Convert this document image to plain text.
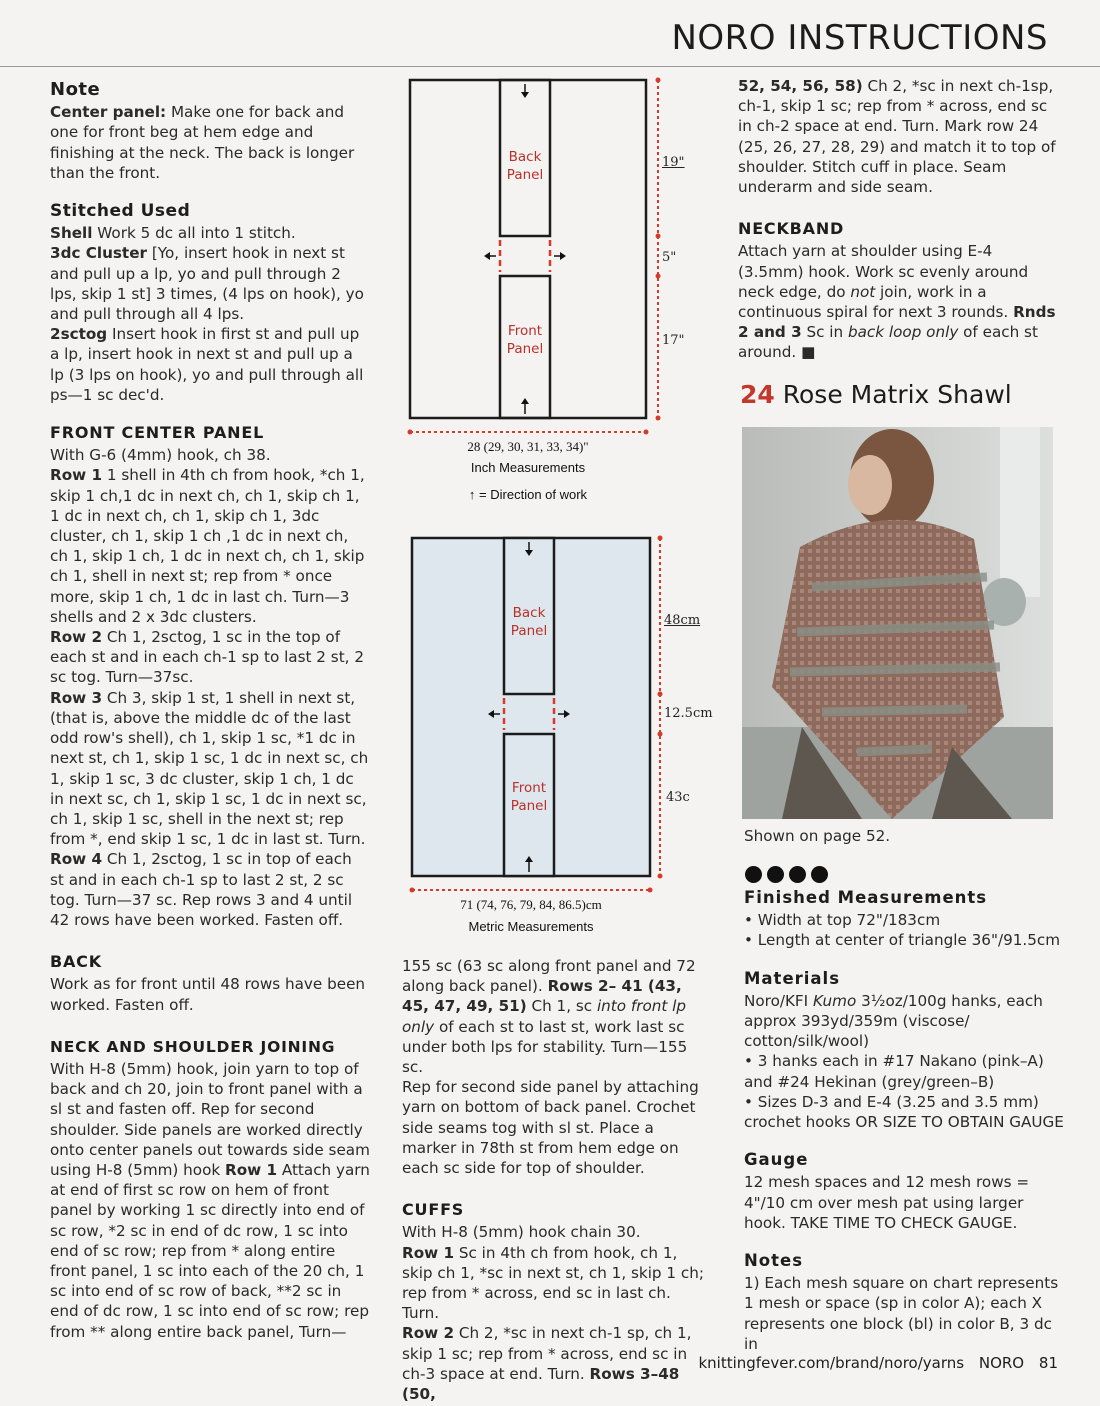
NORO INSTRUCTIONS
Note

Center panel: Make one for back and one for front beg at hem edge and finishing at the neck. The back is longer than the front.

Stitched Used

Shell Work 5 dc all into 1 stitch.

3dc Cluster [Yo, insert hook in next st and pull up a lp, yo and pull through 2 lps, skip 1 st] 3 times, (4 lps on hook), yo and pull through all 4 lps.

2sctog Insert hook in first st and pull up a lp, insert hook in next st and pull up a lp (3 lps on hook), yo and pull through all ps—1 sc dec'd.

FRONT CENTER PANEL

With G-6 (4mm) hook, ch 38.

Row 1 1 shell in 4th ch from hook, *ch 1, skip 1 ch,1 dc in next ch, ch 1, skip ch 1, 1 dc in next ch, ch 1, skip ch 1, 3dc cluster, ch 1, skip 1 ch ,1 dc in next ch, ch 1, skip 1 ch, 1 dc in next ch, ch 1, skip ch 1, shell in next st; rep from * once more, skip 1 ch, 1 dc in last ch. Turn—3 shells and 2 x 3dc clusters.

Row 2 Ch 1, 2sctog, 1 sc in the top of each st and in each ch-1 sp to last 2 st, 2 sc tog. Turn—37sc.

Row 3 Ch 3, skip 1 st, 1 shell in next st, (that is, above the middle dc of the last odd row's shell), ch 1, skip 1 sc, *1 dc in next st, ch 1, skip 1 sc, 1 dc in next sc, ch 1, skip 1 sc, 3 dc cluster, skip 1 ch, 1 dc in next sc, ch 1, skip 1 sc, 1 dc in next sc, ch 1, skip 1 sc, shell in the next st; rep from *, end skip 1 sc, 1 dc in last st. Turn.

Row 4 Ch 1, 2sctog, 1 sc in top of each st and in each ch-1 sp to last 2 st, 2 sc tog. Turn—37 sc. Rep rows 3 and 4 until 42 rows have been worked. Fasten off.

BACK

Work as for front until 48 rows have been worked. Fasten off.

NECK AND SHOULDER JOINING

With H-8 (5mm) hook, join yarn to top of back and ch 20, join to front panel with a sl st and fasten off. Rep for second shoulder. Side panels are worked directly onto center panels out towards side seam using H-8 (5mm) hook Row 1 Attach yarn at end of first sc row on hem of front panel by working 1 sc directly into end of sc row, *2 sc in end of dc row, 1 sc into end of sc row; rep from * along entire front panel, 1 sc into each of the 20 ch, 1 sc into end of sc row of back, **2 sc in end of dc row, 1 sc into end of sc row; rep from ** along entire back panel, Turn—

Back Panel
Front Panel
19"
5"
17"
28 (29, 30, 31, 33, 34)"
Inch Measurements
↑ = Direction of work
Back Panel
Front Panel
48cm
12.5cm
43c
71 (74, 76, 79, 84, 86.5)cm
Metric Measurements

155 sc (63 sc along front panel and 72 along back panel). Rows 2– 41 (43, 45, 47, 49, 51) Ch 1, sc into front lp only of each st to last st, work last sc under both lps for stability. Turn—155 sc.

Rep for second side panel by attaching yarn on bottom of back panel. Crochet side seams tog with sl st. Place a marker in 78th st from hem edge on each sc side for top of shoulder.

CUFFS

With H-8 (5mm) hook chain 30.

Row 1 Sc in 4th ch from hook, ch 1, skip ch 1, *sc in next st, ch 1, skip 1 ch; rep from * across, end sc in last ch. Turn.

Row 2 Ch 2, *sc in next ch-1 sp, ch 1, skip 1 sc; rep from * across, end sc in ch-3 space at end. Turn. Rows 3–48 (50,

52, 54, 56, 58) Ch 2, *sc in next ch-1sp, ch-1, skip 1 sc; rep from * across, end sc in ch-2 space at end. Turn. Mark row 24 (25, 26, 27, 28, 29) and match it to top of shoulder. Stitch cuff in place. Seam underarm and side seam.

NECKBAND

Attach yarn at shoulder using E-4 (3.5mm) hook. Work sc evenly around neck edge, do not join, work in a continuous spiral for next 3 rounds. Rnds 2 and 3 Sc in back loop only of each st around. ■

24 Rose Matrix Shawl
Shown on page 52.
Finished Measurements

• Width at top 72"/183cm

• Length at center of triangle 36"/91.5cm

Materials

Noro/KFI Kumo 3½oz/100g hanks, each approx 393yd/359m (viscose/ cotton/silk/wool)

• 3 hanks each in #17 Nakano (pink–A) and #24 Hekinan (grey/green–B)

• Sizes D-3 and E-4 (3.25 and 3.5 mm) crochet hooks OR SIZE TO OBTAIN GAUGE

Gauge

12 mesh spaces and 12 mesh rows = 4"/10 cm over mesh pat using larger hook. TAKE TIME TO CHECK GAUGE.

Notes

1) Each mesh square on chart represents 1 mesh or space (sp in color A); each X represents one block (bl) in color B, 3 dc in

knittingfever.com/brand/noro/yarns NORO 81
